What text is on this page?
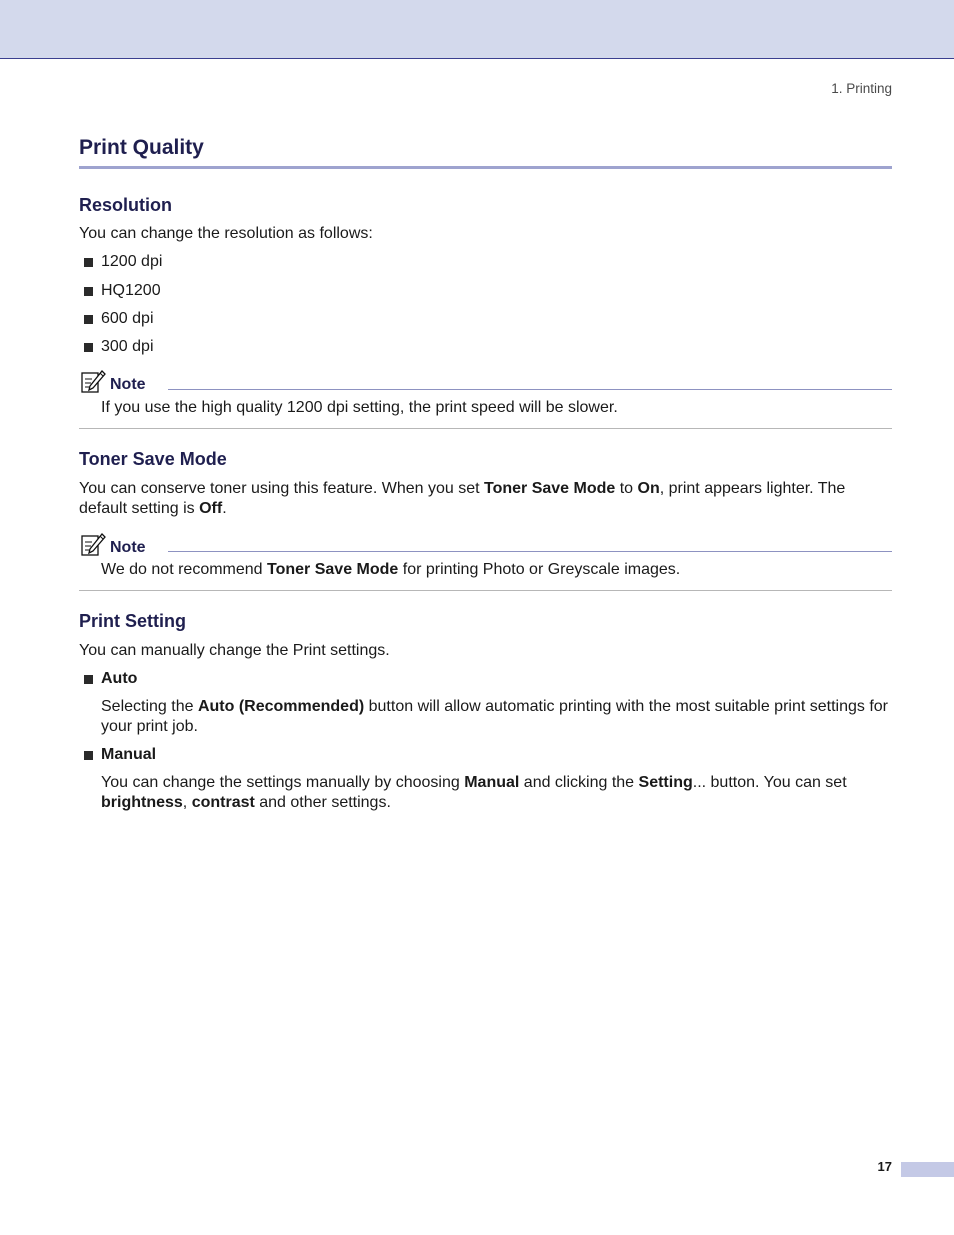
1. Printing
Print Quality
Resolution

You can change the resolution as follows:

1200 dpi
HQ1200
600 dpi
300 dpi
Note

If you use the high quality 1200 dpi setting, the print speed will be slower.

Toner Save Mode

You can conserve toner using this feature. When you set Toner Save Mode to On, print appears lighter. The default setting is Off.

Note

We do not recommend Toner Save Mode for printing Photo or Greyscale images.

Print Setting

You can manually change the Print settings.

Auto

Selecting the Auto (Recommended) button will allow automatic printing with the most suitable print settings for your print job.

Manual

You can change the settings manually by choosing Manual and clicking the Setting... button. You can set brightness, contrast and other settings.

17
